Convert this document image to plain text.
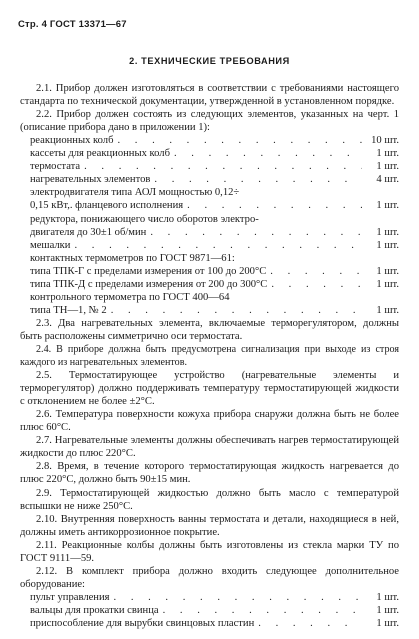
Стр. 4 ГОСТ 13371—67
2. ТЕХНИЧЕСКИЕ ТРЕБОВАНИЯ

2.1. Прибор должен изготовляться в соответствии с требованиями настоящего стандарта по технической документации, утвержденной в установленном порядке.

2.2. Прибор должен состоять из следующих элементов, указанных на черт. 1 (описание прибора дано в приложении 1):

реакционных колб . . .	10 шт.
кассеты для реакционных колб . . .	1 шт.
термостата . . .	1 шт.
нагревательных элементов . . .	4 шт.
электродвигателя типа АОЛ мощностью 0,12÷
0,15 кВт,. фланцевого исполнения . . .	1 шт.
редуктора, понижающего число оборотов электро-
двигателя до 30±1 об/мин . . .	1 шт.
мешалки . . .	1 шт.
контактных термометров по ГОСТ 9871—61:
типа ТПК-Г с пределами измерения от 100 до 200°С . . .	1 шт.
типа ТПК-Д с пределами измерения от 200 до 300°С . . .	1 шт.
контрольного термометра по ГОСТ 400—64
типа ТН—1, № 2 . . .	1 шт.

2.3. Два нагревательных элемента, включаемые терморегулятором, должны быть расположены симметрично оси термостата.

2.4. В приборе должна быть предусмотрена сигнализация при выходе из строя каждого из нагревательных элементов.

2.5. Термостатирующее устройство (нагревательные элементы и терморегулятор) должно поддерживать температуру термостатирующей жидкости с отклонением не более ±2°С.

2.6. Температура поверхности кожуха прибора снаружи должна быть не более плюс 60°С.

2.7. Нагревательные элементы должны обеспечивать нагрев термостатирующей жидкости до плюс 220°С.

2.8. Время, в течение которого термостатирующая жидкость нагревается до плюс 220°С, должно быть 90±15 мин.

2.9. Термостатирующей жидкостью должно быть масло с температурой вспышки не ниже 250°С.

2.10. Внутренняя поверхность ванны термостата и детали, находящиеся в ней, должны иметь антикоррозионное покрытие.

2.11. Реакционные колбы должны быть изготовлены из стекла марки ТУ по ГОСТ 9111—59.

2.12. В комплект прибора должно входить следующее дополнительное оборудование:

пульт управления . . .	1 шт.
вальцы для прокатки свинца . . .	1 шт.
приспособление для вырубки свинцовых пластин . . .	1 шт.
